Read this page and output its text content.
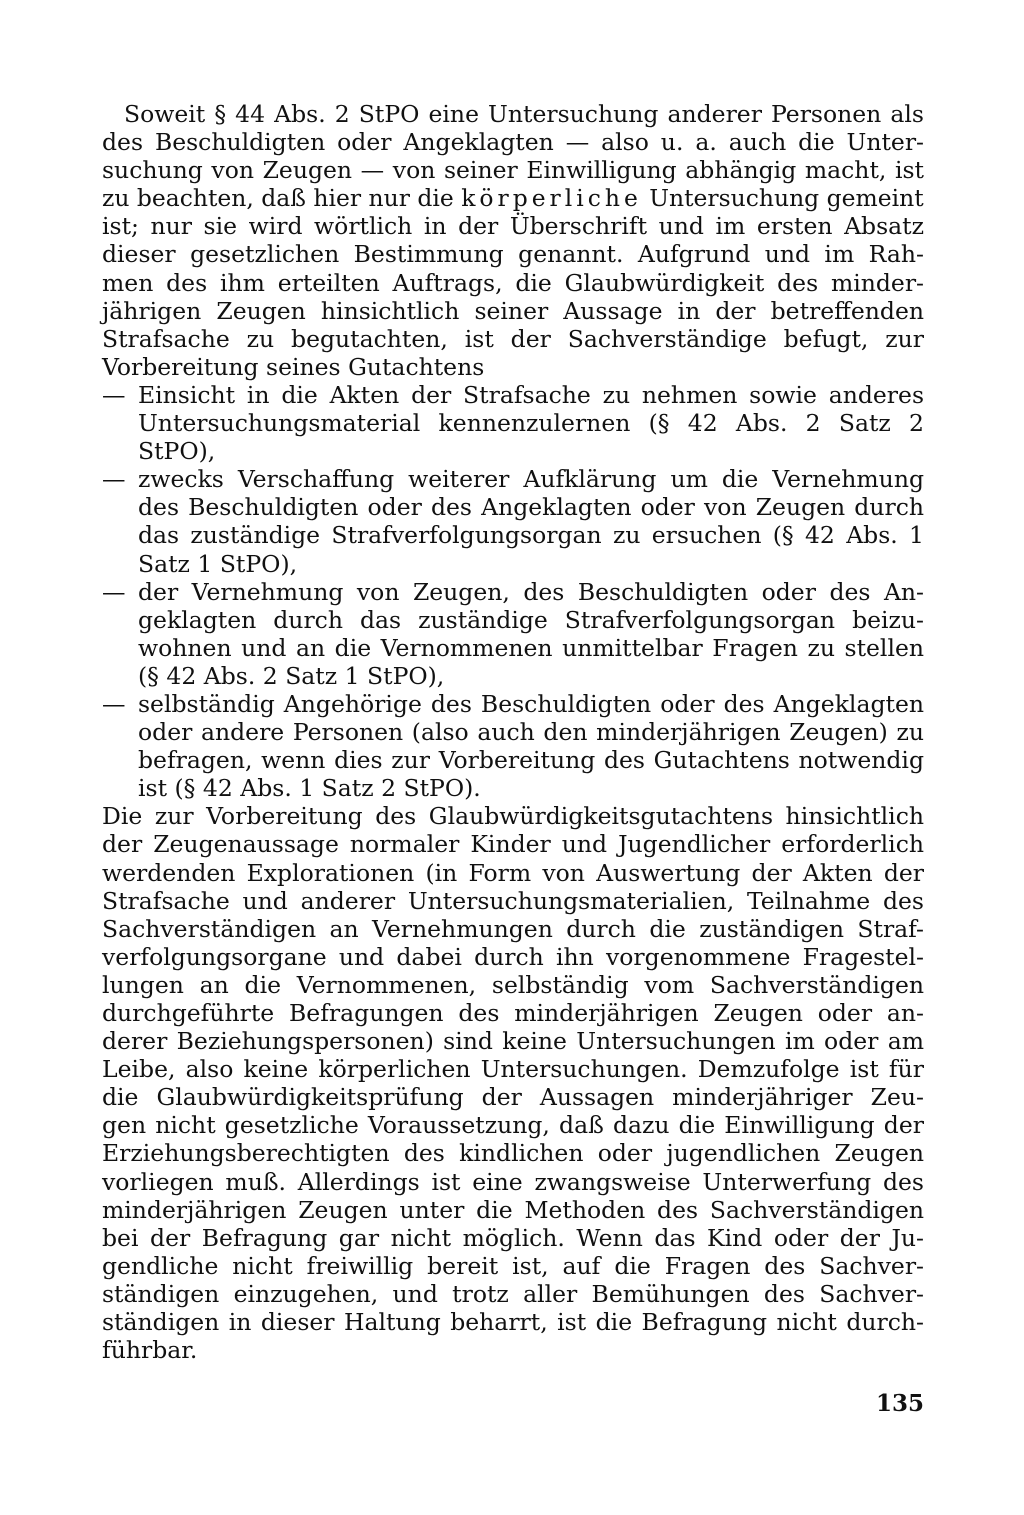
Soweit § 44 Abs. 2 StPO eine Untersuchung anderer Personen als
des Beschuldigten oder Angeklagten — also u. a. auch die Unter-
suchung von Zeugen — von seiner Einwilligung abhängig macht, ist
zu beachten, daß hier nur die körperliche Untersuchung gemeint
ist; nur sie wird wörtlich in der Überschrift und im ersten Absatz
dieser gesetzlichen Bestimmung genannt. Aufgrund und im Rah-
men des ihm erteilten Auftrags, die Glaubwürdigkeit des minder-
jährigen Zeugen hinsichtlich seiner Aussage in der betreffenden
Strafsache zu begutachten, ist der Sachverständige befugt, zur
Vorbereitung seines Gutachtens
— Einsicht in die Akten der Strafsache zu nehmen sowie anderes
Untersuchungsmaterial kennenzulernen (§ 42 Abs. 2 Satz 2
StPO),
— zwecks Verschaffung weiterer Aufklärung um die Vernehmung
des Beschuldigten oder des Angeklagten oder von Zeugen durch
das zuständige Strafverfolgungsorgan zu ersuchen (§ 42 Abs. 1
Satz 1 StPO),
— der Vernehmung von Zeugen, des Beschuldigten oder des An-
geklagten durch das zuständige Strafverfolgungsorgan beizu-
wohnen und an die Vernommenen unmittelbar Fragen zu stellen
(§ 42 Abs. 2 Satz 1 StPO),
— selbständig Angehörige des Beschuldigten oder des Angeklagten
oder andere Personen (also auch den minderjährigen Zeugen) zu
befragen, wenn dies zur Vorbereitung des Gutachtens notwendig
ist (§ 42 Abs. 1 Satz 2 StPO).
Die zur Vorbereitung des Glaubwürdigkeitsgutachtens hinsichtlich
der Zeugenaussage normaler Kinder und Jugendlicher erforderlich
werdenden Explorationen (in Form von Auswertung der Akten der
Strafsache und anderer Untersuchungsmaterialien, Teilnahme des
Sachverständigen an Vernehmungen durch die zuständigen Straf-
verfolgungsorgane und dabei durch ihn vorgenommene Fragestel-
lungen an die Vernommenen, selbständig vom Sachverständigen
durchgeführte Befragungen des minderjährigen Zeugen oder an-
derer Beziehungspersonen) sind keine Untersuchungen im oder am
Leibe, also keine körperlichen Untersuchungen. Demzufolge ist für
die Glaubwürdigkeitsprüfung der Aussagen minderjähriger Zeu-
gen nicht gesetzliche Voraussetzung, daß dazu die Einwilligung der
Erziehungsberechtigten des kindlichen oder jugendlichen Zeugen
vorliegen muß. Allerdings ist eine zwangsweise Unterwerfung des
minderjährigen Zeugen unter die Methoden des Sachverständigen
bei der Befragung gar nicht möglich. Wenn das Kind oder der Ju-
gendliche nicht freiwillig bereit ist, auf die Fragen des Sachver-
ständigen einzugehen, und trotz aller Bemühungen des Sachver-
ständigen in dieser Haltung beharrt, ist die Befragung nicht durch-
führbar.
135
